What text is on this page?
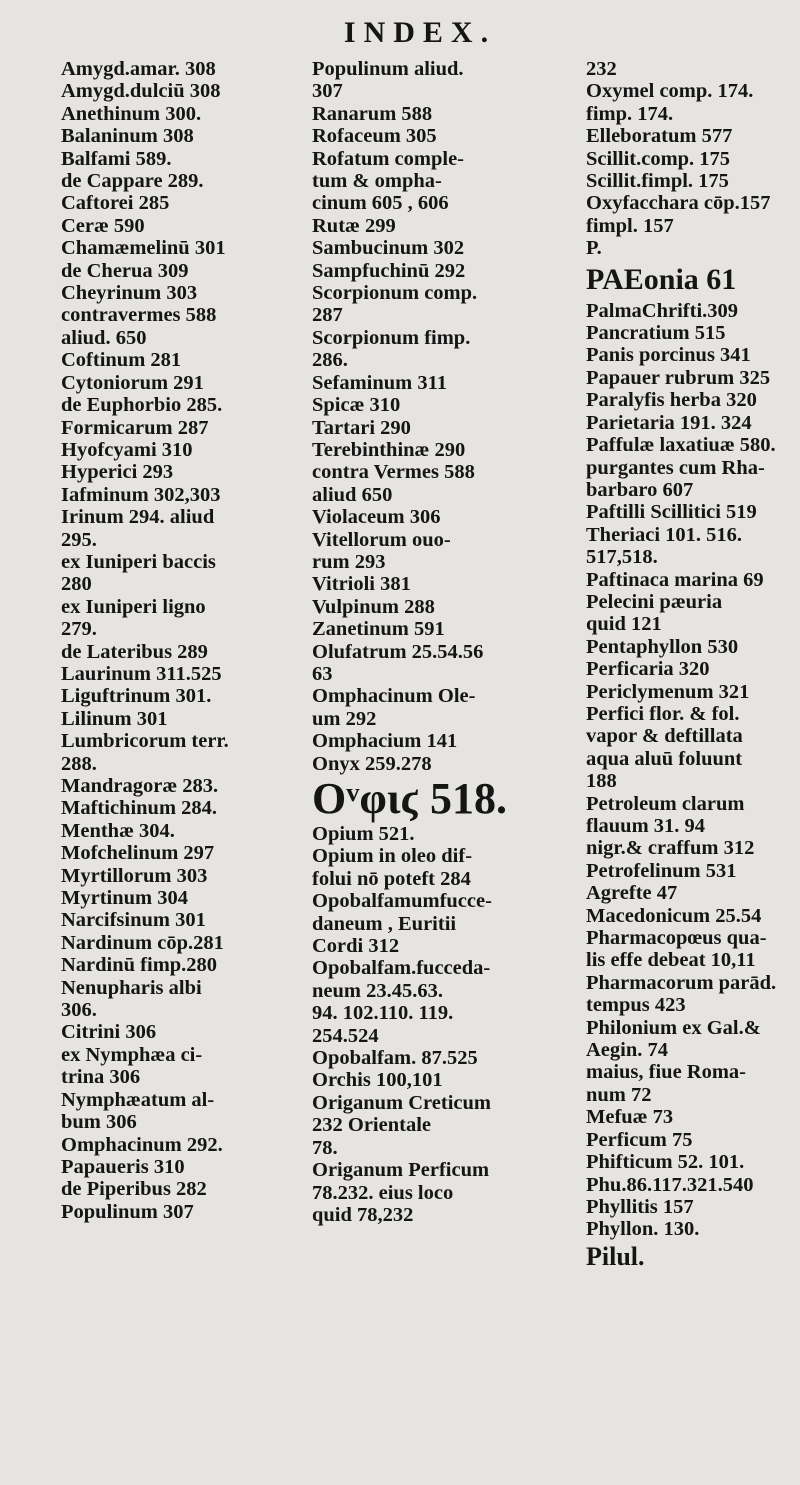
INDEX.
Amygd.amar. 308
Amygd.dulciū 308
Anethinum 300.
Balaninum 308
Balfami 589.
de Cappare 289.
Caftorei 285
Ceræ 590
Chamæmelinū 301
de Cherua 309
Cheyrinum 303
contravermes 588
aliud. 650
Coftinum 281
Cytoniorum 291
de Euphorbio 285.
Formicarum 287
Hyofcyami 310
Hyperici 293
Iafminum 302,303
Irinum 294. aliud
295.
ex Iuniperi baccis
280
ex Iuniperi ligno
279.
de Lateribus 289
Laurinum 311.525
Liguftrinum 301.
Lilinum 301
Lumbricorum terr.
288.
Mandragoræ 283.
Maftichinum 284.
Menthæ 304.
Mofchelinum 297
Myrtillorum 303
Myrtinum 304
Narcifsinum 301
Nardinum cōp.281
Nardinū fimp.280
Nenupharis albi
306.
Citrini 306
ex Nymphæa ci-
trina 306
Nymphæatum al-
bum 306
Omphacinum 292.
Papaueris 310
de Piperibus 282
Populinum 307
Populinum aliud.
307
Ranarum 588
Rofaceum 305
Rofatum comple-
tum & ompha-
cinum 605 , 606
Rutæ 299
Sambucinum 302
Sampfuchinū 292
Scorpionum comp.
287
Scorpionum fimp.
286.
Sefaminum 311
Spicæ 310
Tartari 290
Terebinthinæ 290
contra Vermes 588
aliud 650
Violaceum 306
Vitellorum ouo-
rum 293
Vitrioli 381
Vulpinum 288
Zanetinum 591
Olufatrum 25.54.56
63
Omphacinum Ole-
um 292
Omphacium 141
Onyx 259.278
Oᵛφιϛ 518.
Opium 521.
Opium in oleo dif-
folui nō poteft 284
Opobalfamumfucce-
daneum , Euritii
Cordi 312
Opobalfam.fucceda-
neum 23.45.63.
94. 102.110. 119.
254.524
Opobalfam. 87.525
Orchis 100,101
Origanum Creticum
232 Orientale
78.
Origanum Perficum
78.232. eius loco
quid 78,232
232
Oxymel comp. 174.
fimp. 174.
Elleboratum 577
Scillit.comp. 175
Scillit.fimpl. 175
Oxyfacchara cōp.157
fimpl. 157
P.
PAEonia 61
PalmaChrifti.309
Pancratium 515
Panis porcinus 341
Papauer rubrum 325
Paralyfis herba 320
Parietaria 191. 324
Paffulæ laxatiuæ 580.
purgantes cum Rha-
barbaro 607
Paftilli Scillitici 519
Theriaci 101. 516.
517,518.
Paftinaca marina 69
Pelecini pæuria
quid 121
Pentaphyllon 530
Perficaria 320
Periclymenum 321
Perfici flor. & fol.
vapor & deftillata
aqua aluū foluunt
188
Petroleum clarum
flauum 31. 94
nigr.& craffum 312
Petrofelinum 531
Agrefte 47
Macedonicum 25.54
Pharmacopœus qua-
lis effe debeat 10,11
Pharmacorum parād.
tempus 423
Philonium ex Gal.&
Aegin. 74
maius, fiue Roma-
num 72
Mefuæ 73
Perficum 75
Phifticum 52. 101.
Phu.86.117.321.540
Phyllitis 157
Phyllon. 130.
Pilul.
